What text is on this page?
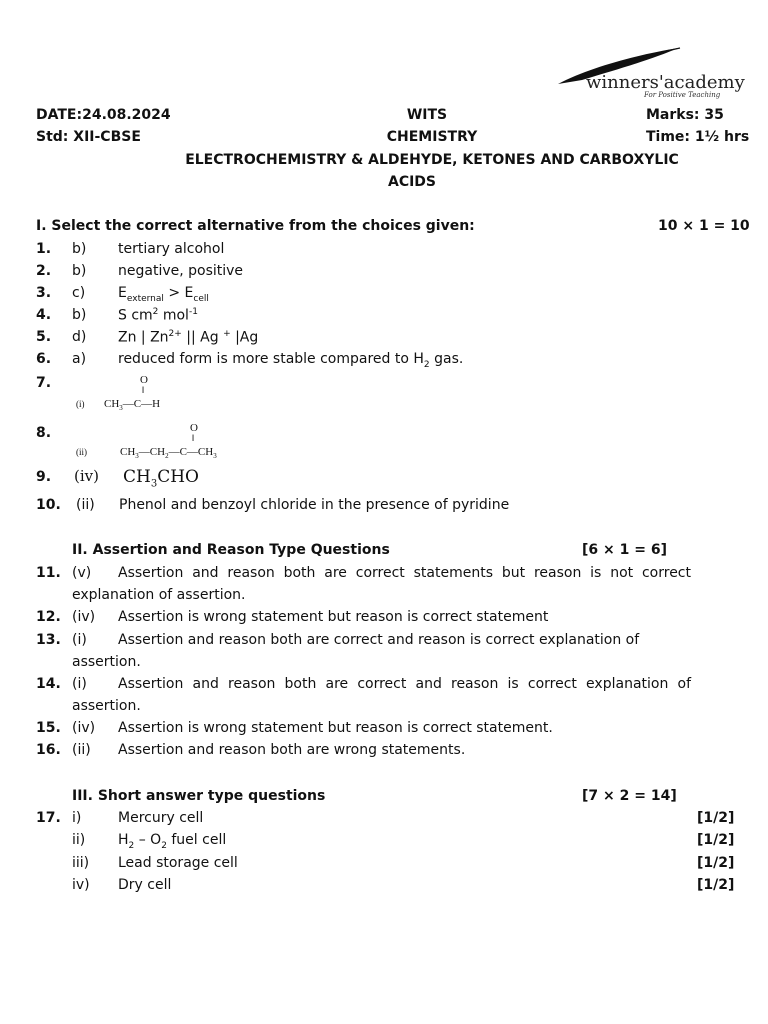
winners'academy
For Positive Teaching
DATE:24.08.2024
Std: XII-CBSE
WITS
CHEMISTRY
Marks: 35
Time: 1½ hrs
ELECTROCHEMISTRY & ALDEHYDE, KETONES AND CARBOXYLIC
ACIDS
I. Select the correct alternative from the choices given:	10 × 1 = 10
1. b) tertiary alcohol
2. b) negative, positive
3. c) $E_{external} > E_{cell}$
4. b) S $cm^2$ mol$^{-1}$
5. d) Zn | $Zn^{2+}$ || Ag + |Ag
6. a) reduced form is more stable compared to $H_2$ gas.
7.
(i)
O
‖
$CH_3—C—H$
8.
(ii)
O
‖
$CH_3—CH_2—C—CH_3$
9. (iv) $CH_3CHO$
10. (ii) Phenol and benzoyl chloride in the presence of pyridine
II. Assertion and Reason Type Questions	[6 × 1 = 6]
11. (v) Assertion and reason both are correct statements but reason is not correct
explanation of assertion.
12. (iv) Assertion is wrong statement but reason is correct statement
13. (i) Assertion and reason both are correct and reason is correct explanation of
assertion.
14. (i) Assertion and reason both are correct and reason is correct explanation of
assertion.
15. (iv) Assertion is wrong statement but reason is correct statement.
16. (ii) Assertion and reason both are wrong statements.
III. Short answer type questions	[7 × 2 = 14]
17. i)	Mercury cell	[1/2]
ii) $H_2 - O_2$ fuel cell	[1/2]
iii) Lead storage cell	[1/2]
iv) Dry cell	[1/2]
